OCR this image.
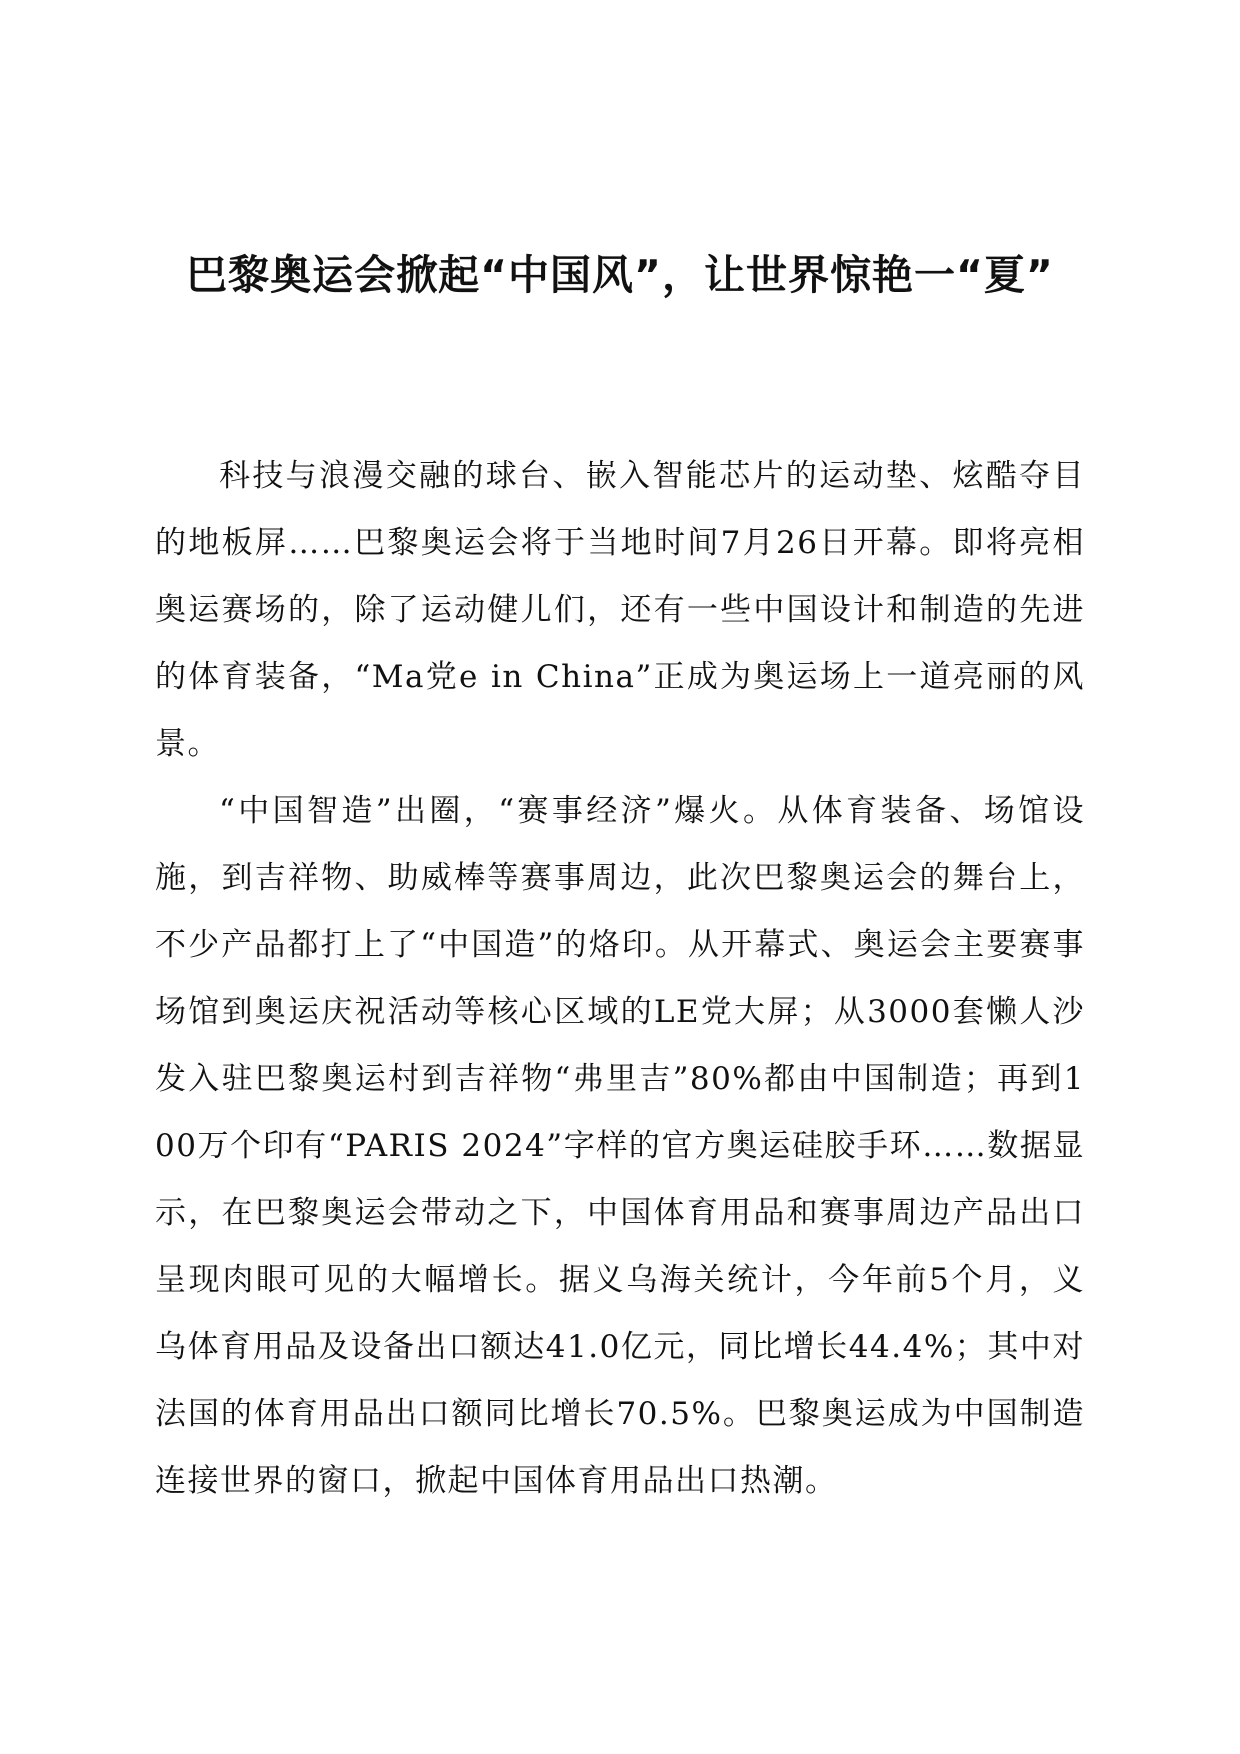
巴黎奥运会掀起“中国风”，让世界惊艳一“夏”

科技与浪漫交融的球台、嵌入智能芯片的运动垫、炫酷夺目的地板屏……巴黎奥运会将于当地时间7月26日开幕。即将亮相奥运赛场的，除了运动健儿们，还有一些中国设计和制造的先进的体育装备，“Ma党e in China”正成为奥运场上一道亮丽的风景。

“中国智造”出圈，“赛事经济”爆火。从体育装备、场馆设施，到吉祥物、助威棒等赛事周边，此次巴黎奥运会的舞台上，不少产品都打上了“中国造”的烙印。从开幕式、奥运会主要赛事场馆到奥运庆祝活动等核心区域的LE党大屏；从3000套懒人沙发入驻巴黎奥运村到吉祥物“弗里吉”80%都由中国制造；再到100万个印有“PARIS 2024”字样的官方奥运硅胶手环……数据显示，在巴黎奥运会带动之下，中国体育用品和赛事周边产品出口呈现肉眼可见的大幅增长。据义乌海关统计，今年前5个月，义乌体育用品及设备出口额达41.0亿元，同比增长44.4%；其中对法国的体育用品出口额同比增长70.5%。巴黎奥运成为中国制造连接世界的窗口，掀起中国体育用品出口热潮。
